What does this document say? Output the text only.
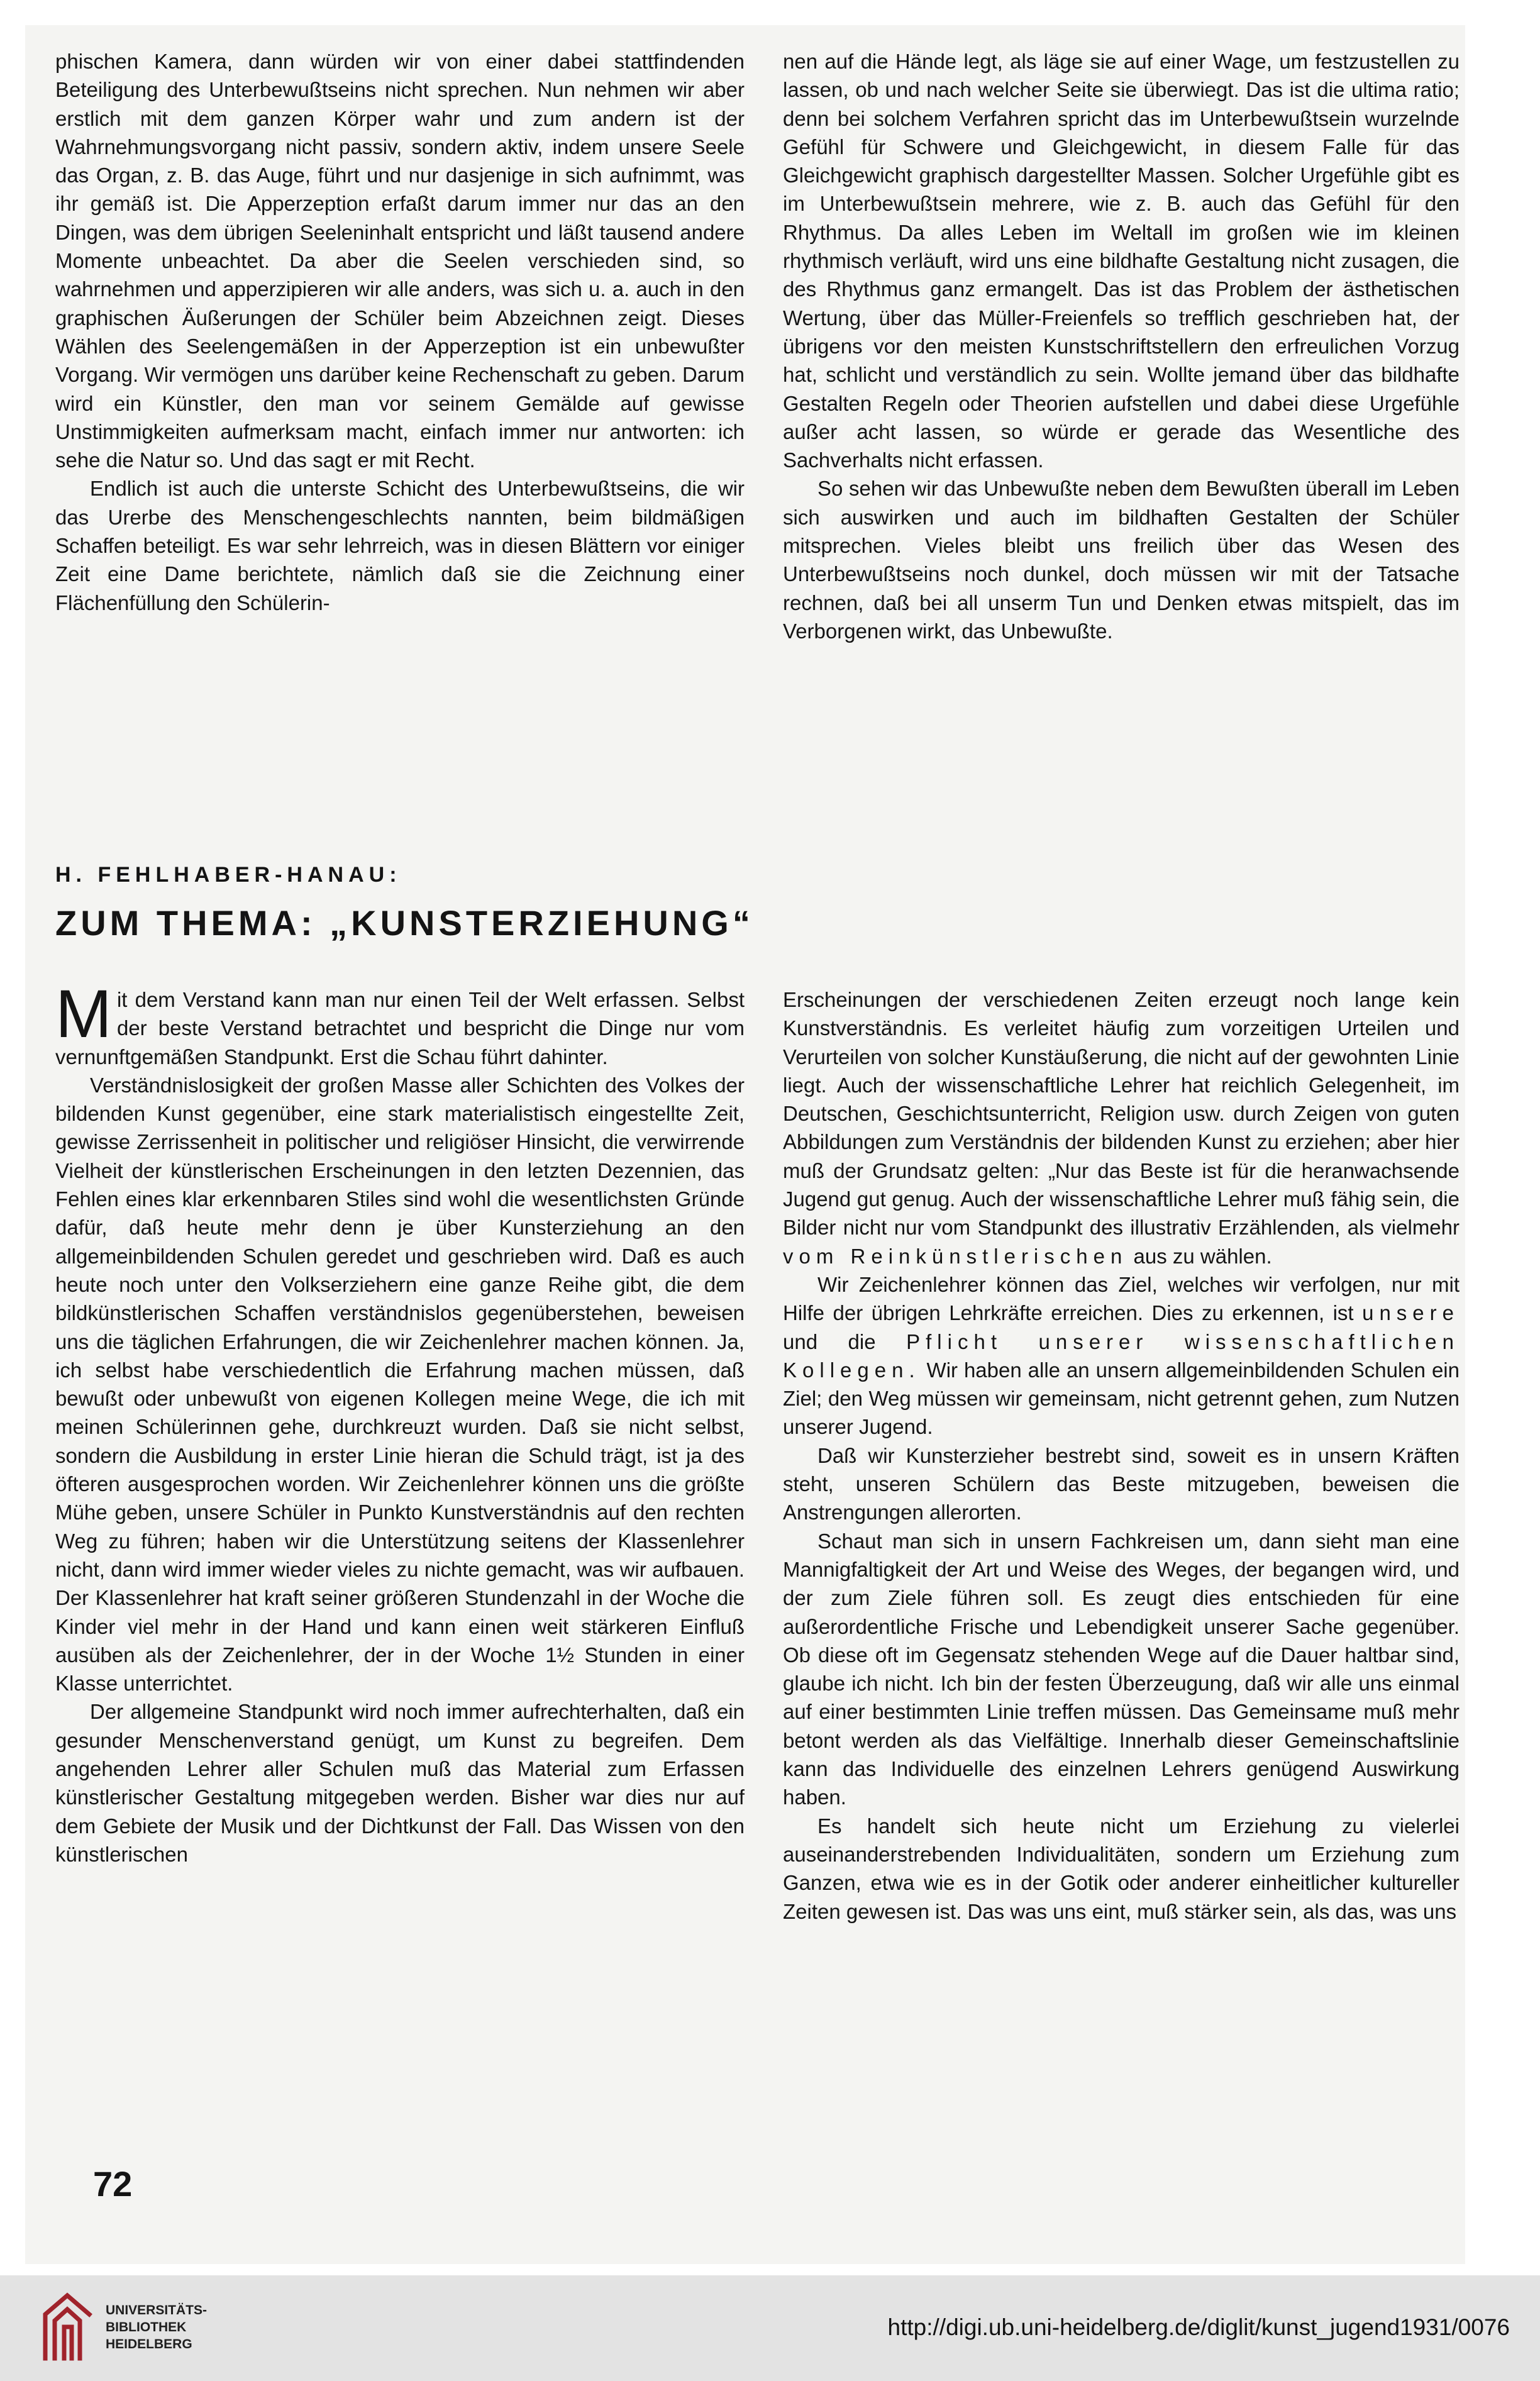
phischen Kamera, dann würden wir von einer dabei stattfindenden Beteiligung des Unterbewußtseins nicht sprechen. Nun nehmen wir aber erstlich mit dem ganzen Körper wahr und zum andern ist der Wahrnehmungsvorgang nicht passiv, sondern aktiv, indem unsere Seele das Organ, z. B. das Auge, führt und nur dasjenige in sich aufnimmt, was ihr gemäß ist. Die Apperzeption erfaßt darum immer nur das an den Dingen, was dem übrigen Seeleninhalt entspricht und läßt tausend andere Momente unbeachtet. Da aber die Seelen verschieden sind, so wahrnehmen und apperzipieren wir alle anders, was sich u. a. auch in den graphischen Äußerungen der Schüler beim Abzeichnen zeigt. Dieses Wählen des Seelengemäßen in der Apperzeption ist ein unbewußter Vorgang. Wir vermögen uns darüber keine Rechenschaft zu geben. Darum wird ein Künstler, den man vor seinem Gemälde auf gewisse Unstimmigkeiten aufmerksam macht, einfach immer nur antworten: ich sehe die Natur so. Und das sagt er mit Recht.

Endlich ist auch die unterste Schicht des Unterbewußtseins, die wir das Urerbe des Menschengeschlechts nannten, beim bildmäßigen Schaffen beteiligt. Es war sehr lehrreich, was in diesen Blättern vor einiger Zeit eine Dame berichtete, nämlich daß sie die Zeichnung einer Flächenfüllung den Schülerin-

nen auf die Hände legt, als läge sie auf einer Wage, um festzustellen zu lassen, ob und nach welcher Seite sie überwiegt. Das ist die ultima ratio; denn bei solchem Verfahren spricht das im Unterbewußtsein wurzelnde Gefühl für Schwere und Gleichgewicht, in diesem Falle für das Gleichgewicht graphisch dargestellter Massen. Solcher Urgefühle gibt es im Unterbewußtsein mehrere, wie z. B. auch das Gefühl für den Rhythmus. Da alles Leben im Weltall im großen wie im kleinen rhythmisch verläuft, wird uns eine bildhafte Gestaltung nicht zusagen, die des Rhythmus ganz ermangelt. Das ist das Problem der ästhetischen Wertung, über das Müller-Freienfels so trefflich geschrieben hat, der übrigens vor den meisten Kunstschriftstellern den erfreulichen Vorzug hat, schlicht und verständlich zu sein. Wollte jemand über das bildhafte Gestalten Regeln oder Theorien aufstellen und dabei diese Urgefühle außer acht lassen, so würde er gerade das Wesentliche des Sachverhalts nicht erfassen.

So sehen wir das Unbewußte neben dem Bewußten überall im Leben sich auswirken und auch im bildhaften Gestalten der Schüler mitsprechen. Vieles bleibt uns freilich über das Wesen des Unterbewußtseins noch dunkel, doch müssen wir mit der Tatsache rechnen, daß bei all unserm Tun und Denken etwas mitspielt, das im Verborgenen wirkt, das Unbewußte.

H. FEHLHABER-HANAU:
ZUM THEMA: „KUNSTERZIEHUNG“

Mit dem Verstand kann man nur einen Teil der Welt erfassen. Selbst der beste Verstand betrachtet und bespricht die Dinge nur vom vernunftgemäßen Standpunkt. Erst die Schau führt dahinter.

Verständnislosigkeit der großen Masse aller Schichten des Volkes der bildenden Kunst gegenüber, eine stark materialistisch eingestellte Zeit, gewisse Zerrissenheit in politischer und religiöser Hinsicht, die verwirrende Vielheit der künstlerischen Erscheinungen in den letzten Dezennien, das Fehlen eines klar erkennbaren Stiles sind wohl die wesentlichsten Gründe dafür, daß heute mehr denn je über Kunsterziehung an den allgemeinbildenden Schulen geredet und geschrieben wird. Daß es auch heute noch unter den Volkserziehern eine ganze Reihe gibt, die dem bildkünstlerischen Schaffen verständnislos gegenüberstehen, beweisen uns die täglichen Erfahrungen, die wir Zeichenlehrer machen können. Ja, ich selbst habe verschiedentlich die Erfahrung machen müssen, daß bewußt oder unbewußt von eigenen Kollegen meine Wege, die ich mit meinen Schülerinnen gehe, durchkreuzt wurden. Daß sie nicht selbst, sondern die Ausbildung in erster Linie hieran die Schuld trägt, ist ja des öfteren ausgesprochen worden. Wir Zeichenlehrer können uns die größte Mühe geben, unsere Schüler in Punkto Kunstverständnis auf den rechten Weg zu führen; haben wir die Unterstützung seitens der Klassenlehrer nicht, dann wird immer wieder vieles zu nichte gemacht, was wir aufbauen. Der Klassenlehrer hat kraft seiner größeren Stundenzahl in der Woche die Kinder viel mehr in der Hand und kann einen weit stärkeren Einfluß ausüben als der Zeichenlehrer, der in der Woche 1½ Stunden in einer Klasse unterrichtet.

Der allgemeine Standpunkt wird noch immer aufrechterhalten, daß ein gesunder Menschenverstand genügt, um Kunst zu begreifen. Dem angehenden Lehrer aller Schulen muß das Material zum Erfassen künstlerischer Gestaltung mitgegeben werden. Bisher war dies nur auf dem Gebiete der Musik und der Dichtkunst der Fall. Das Wissen von den künstlerischen

Erscheinungen der verschiedenen Zeiten erzeugt noch lange kein Kunstverständnis. Es verleitet häufig zum vorzeitigen Urteilen und Verurteilen von solcher Kunstäußerung, die nicht auf der gewohnten Linie liegt. Auch der wissenschaftliche Lehrer hat reichlich Gelegenheit, im Deutschen, Geschichtsunterricht, Religion usw. durch Zeigen von guten Abbildungen zum Verständnis der bildenden Kunst zu erziehen; aber hier muß der Grundsatz gelten: „Nur das Beste ist für die heranwachsende Jugend gut genug. Auch der wissenschaftliche Lehrer muß fähig sein, die Bilder nicht nur vom Standpunkt des illustrativ Erzählenden, als vielmehr vom Reinkünstlerischen aus zu wählen.

Wir Zeichenlehrer können das Ziel, welches wir verfolgen, nur mit Hilfe der übrigen Lehrkräfte erreichen. Dies zu erkennen, ist unsere und die Pflicht unserer wissenschaftlichen Kollegen. Wir haben alle an unsern allgemeinbildenden Schulen ein Ziel; den Weg müssen wir gemeinsam, nicht getrennt gehen, zum Nutzen unserer Jugend.

Daß wir Kunsterzieher bestrebt sind, soweit es in unsern Kräften steht, unseren Schülern das Beste mitzugeben, beweisen die Anstrengungen allerorten.

Schaut man sich in unsern Fachkreisen um, dann sieht man eine Mannigfaltigkeit der Art und Weise des Weges, der begangen wird, und der zum Ziele führen soll. Es zeugt dies entschieden für eine außerordentliche Frische und Lebendigkeit unserer Sache gegenüber. Ob diese oft im Gegensatz stehenden Wege auf die Dauer haltbar sind, glaube ich nicht. Ich bin der festen Überzeugung, daß wir alle uns einmal auf einer bestimmten Linie treffen müssen. Das Gemeinsame muß mehr betont werden als das Vielfältige. Innerhalb dieser Gemeinschaftslinie kann das Individuelle des einzelnen Lehrers genügend Auswirkung haben.

Es handelt sich heute nicht um Erziehung zu vielerlei auseinanderstrebenden Individualitäten, sondern um Erziehung zum Ganzen, etwa wie es in der Gotik oder anderer einheitlicher kultureller Zeiten gewesen ist. Das was uns eint, muß stärker sein, als das, was uns

72
UNIVERSITÄTS-
BIBLIOTHEK
HEIDELBERG
http://digi.ub.uni-heidelberg.de/diglit/kunst_jugend1931/0076
